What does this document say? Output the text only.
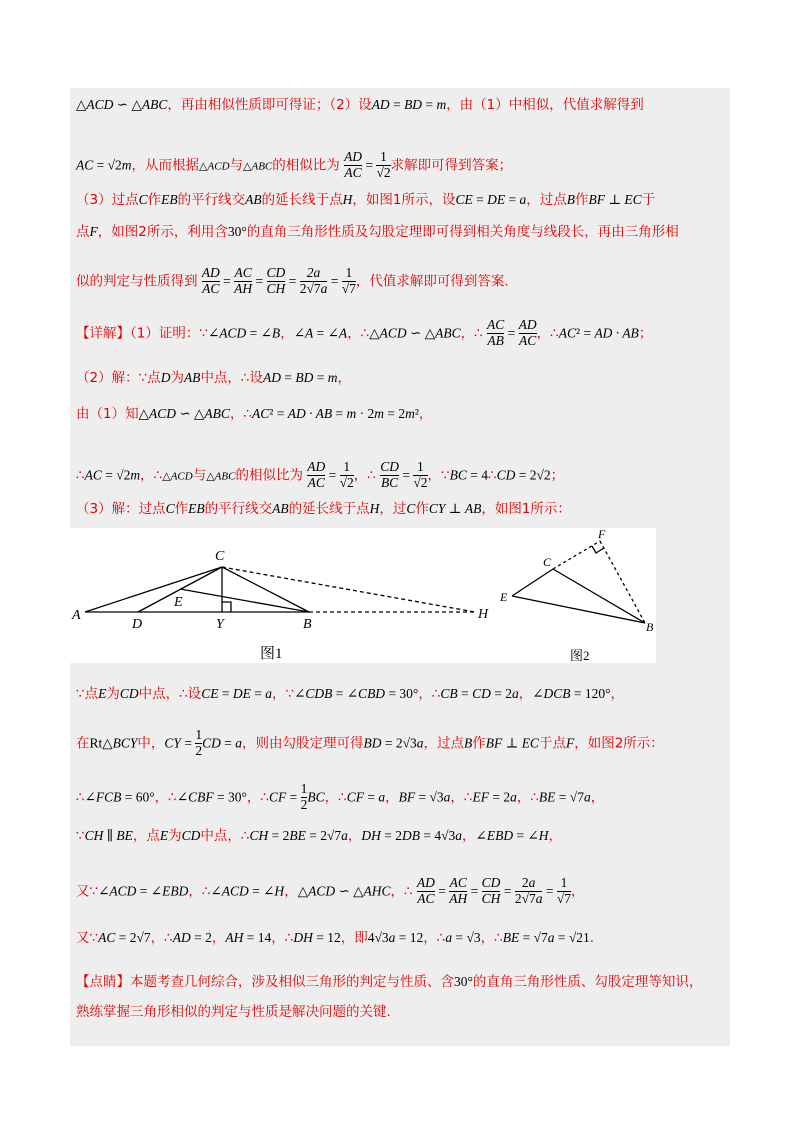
△ACD ∽ △ABC，再由相似性质即可得证；（2）设AD = BD = m，由（1）中相似，代值求解得到
AC = √2m，从而根据△ACD与△ABC的相似比为 $\frac{AD}{AC} = \frac{1}{√2}$ 求解即可得到答案；
（3）过点C作EB的平行线交AB的延长线于点H，如图1所示，设CE = DE = a，过点B作BF ⊥ EC于
点F，如图2所示，利用含30°的直角三角形性质及勾股定理即可得到相关角度与线段长，再由三角形相
似的判定与性质得到 $\frac{AD}{AC} = \frac{AC}{AH} = \frac{CD}{CH} = \frac{2a}{2√7a} = \frac{1}{√7}$ ，代值求解即可得到答案.
【详解】（1）证明：∵∠ACD = ∠B，∠A = ∠A，∴△ACD ∽ △ABC，∴ $\frac{AC}{AB} = \frac{AD}{AC}$ ，∴AC² = AD · AB；
（2）解：∵点D为AB中点，∴设AD = BD = m，
由（1）知△ACD ∽ △ABC，∴AC² = AD · AB = m · 2m = 2m²，
∴AC = √2m，∴△ACD与△ABC的相似比为 $\frac{AD}{AC} = \frac{1}{√2}$ ，∴ $\frac{CD}{BC} = \frac{1}{√2}$ ，∵BC = 4∴CD = 2√2；
（3）解：过点C作EB的平行线交AB的延长线于点H，过C作CY ⊥ AB，如图1所示：
A
C
E
D	Y	B
H
图1
C
F
E
B
图2
∵点E为CD中点，∴设CE = DE = a，∵∠CDB = ∠CBD = 30°，∴CB = CD = 2a，∠DCB = 120°，
在Rt△BCY中，CY = $\frac{1}{2}$ CD = a，则由勾股定理可得BD = 2√3a，过点B作BF ⊥ EC于点F，如图2所示：
∴∠FCB = 60°，∴∠CBF = 30°，∴CF = $\frac{1}{2}$ BC，∴CF = a，BF = √3a，∴EF = 2a，∴BE = √7a，
∵CH ∥ BE，点E为CD中点，∴CH = 2BE = 2√7a，DH = 2DB = 4√3a，∠EBD = ∠H，
又∵∠ACD = ∠EBD，∴∠ACD = ∠H，△ACD ∽ △AHC，∴ $\frac{AD}{AC} = \frac{AC}{AH} = \frac{CD}{CH} = \frac{2a}{2√7a} = \frac{1}{√7}$ ，
又∵AC = 2√7，∴AD = 2，AH = 14，∴DH = 12，即4√3a = 12，∴a = √3，∴BE = √7a = √21.
【点睛】本题考查几何综合，涉及相似三角形的判定与性质、含30°的直角三角形性质、勾股定理等知识，
熟练掌握三角形相似的判定与性质是解决问题的关键.
